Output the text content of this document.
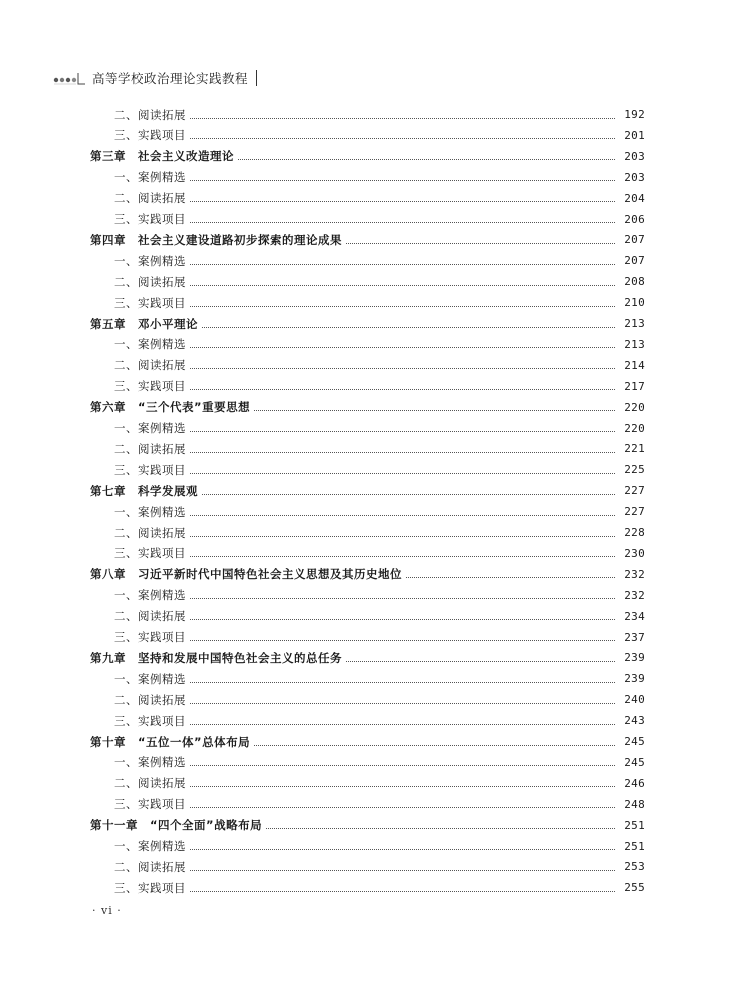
高等学校政治理论实践教程
二、阅读拓展	192
三、实践项目	201
第三章 社会主义改造理论	203
一、案例精选	203
二、阅读拓展	204
三、实践项目	206
第四章 社会主义建设道路初步探索的理论成果	207
一、案例精选	207
二、阅读拓展	208
三、实践项目	210
第五章 邓小平理论	213
一、案例精选	213
二、阅读拓展	214
三、实践项目	217
第六章 “三个代表”重要思想	220
一、案例精选	220
二、阅读拓展	221
三、实践项目	225
第七章 科学发展观	227
一、案例精选	227
二、阅读拓展	228
三、实践项目	230
第八章 习近平新时代中国特色社会主义思想及其历史地位	232
一、案例精选	232
二、阅读拓展	234
三、实践项目	237
第九章 坚持和发展中国特色社会主义的总任务	239
一、案例精选	239
二、阅读拓展	240
三、实践项目	243
第十章 “五位一体”总体布局	245
一、案例精选	245
二、阅读拓展	246
三、实践项目	248
第十一章 “四个全面”战略布局	251
一、案例精选	251
二、阅读拓展	253
三、实践项目	255
· vi ·
